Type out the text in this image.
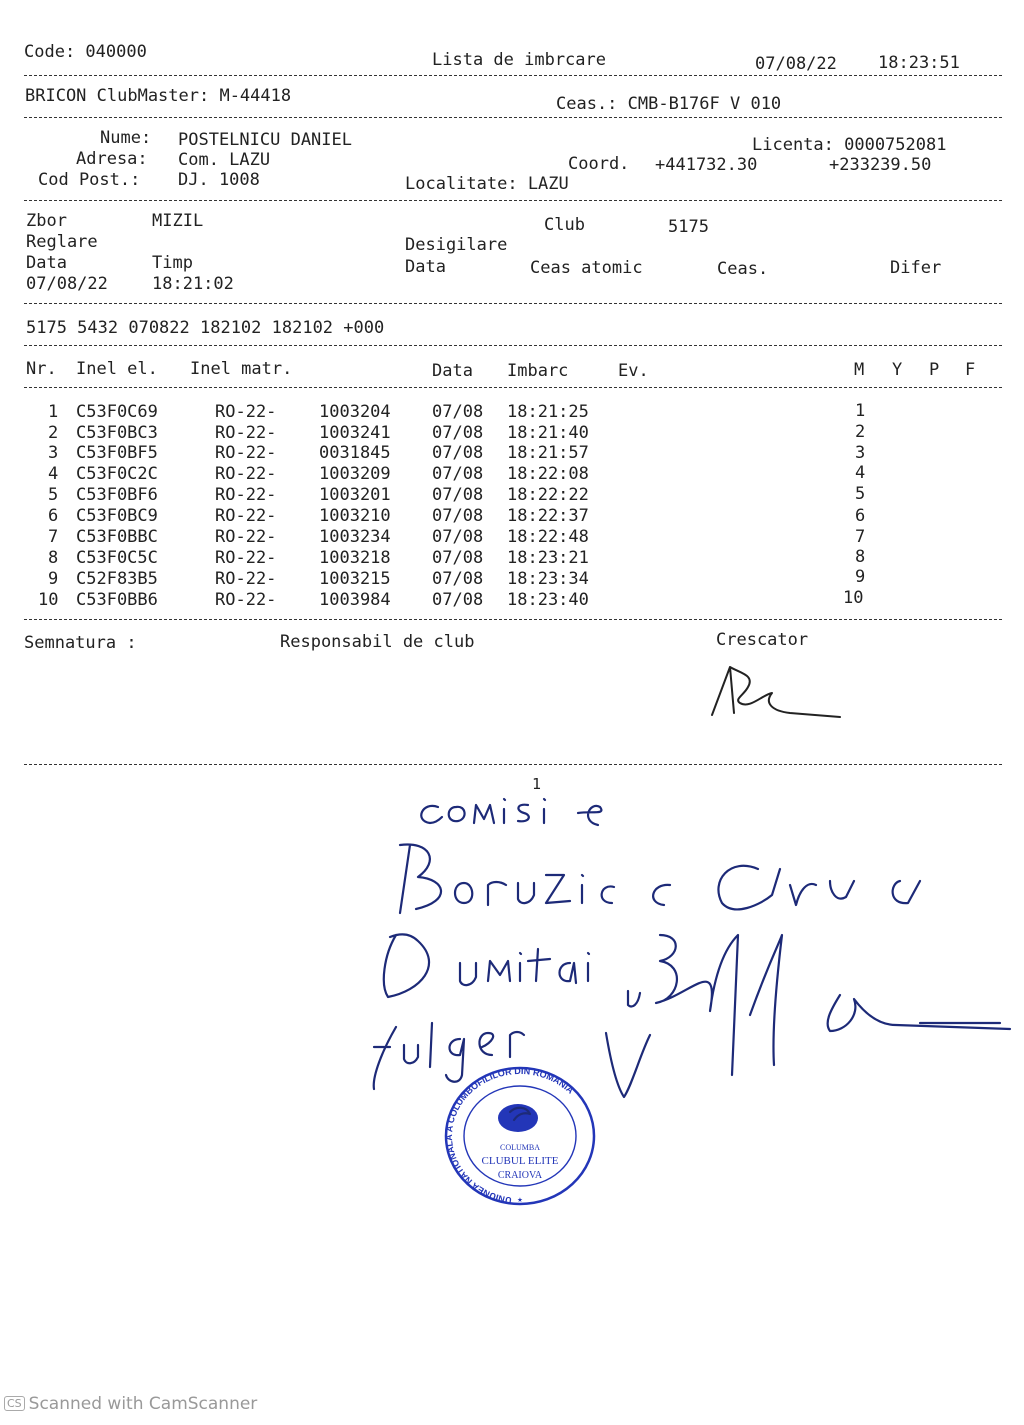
Code: 040000	Lista de imbrcare	07/08/22 18:23:51
BRICON ClubMaster: M-44418	Ceas.: CMB-B176F V 010
Nume: POSTELNICU DANIEL
Adresa: Com. LAZU
Cod Post.: DJ. 1008	Localitate: LAZU
Licenta: 0000752081
Coord. +441732.30	+233239.50
Zbor	MIZIL	Club	5175
Reglare	Desigilare
Data	Timp	Data	Ceas atomic	Ceas.	Difer
07/08/22	18:21:02
5175 5432 070822 182102 182102 +000
Nr. Inel el. Inel matr.	Data Imbarc	Ev.	M Y P F
1 C53F0C69	RO-22-	1003204 07/08 18:21:25	1
2 C53F0BC3	RO-22-	1003241 07/08 18:21:40	2
3 C53F0BF5	RO-22-	0031845 07/08 18:21:57	3
4 C53F0C2C	RO-22-	1003209 07/08 18:22:08	4
5 C53F0BF6	RO-22-	1003201 07/08 18:22:22	5
6 C53F0BC9	RO-22-	1003210 07/08 18:22:37	6
7 C53F0BBC	RO-22-	1003234 07/08 18:22:48	7
8 C53F0C5C	RO-22-	1003218 07/08 18:23:21	8
9 C52F83B5	RO-22-	1003215 07/08 18:23:34	9
10 C53F0BB6	RO-22-	1003984 07/08 18:23:40	10
Semnatura :	Responsabil de club	Crescator
1
UNIUNEA NATIONALA A COLUMBOFILILOR DIN ROMANIA
COLUMBA
CLUBUL ELITE
CRAIOVA
★
CS Scanned with CamScanner
